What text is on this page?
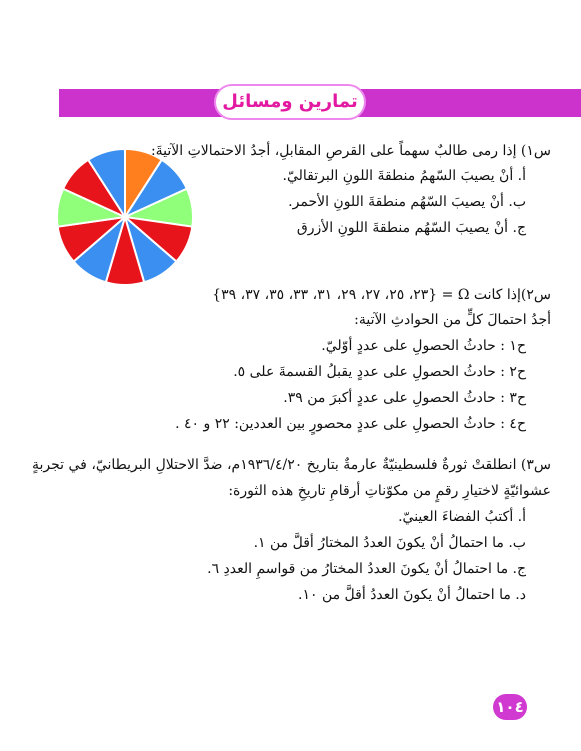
تمارين ومسائل
س١) إذا رمى طالبٌ سهماً على القرصِ المقابلِ، أجدُ الاحتمالاتِ الآتيةَ:
أ. أنْ يصيبَ السّهمُ منطقةَ اللونِ البرتقاليّ.
ب. أنْ يصيبَ السّهُم منطقةَ اللونِ الأحمر.
ج. أنْ يصيبَ السّهُم منطقةَ اللونِ الأزرق
س٢)إذا كانت Ω = {٢٣، ٢٥، ٢٧، ٢٩، ٣١، ٣٣، ٣٥، ٣٧، ٣٩}
أجدُ احتمالَ كلٍّ من الحوادثِ الآتية:
ح١ : حادثُ الحصولِ على عددٍ أوّليّ.
ح٢ : حادثُ الحصولِ على عددٍ يقبلُ القسمةَ على ٥.
ح٣ : حادثُ الحصولِ على عددٍ أكبرَ من ٣٩.
ح٤ : حادثُ الحصولِ على عددٍ محصورٍ بين العددين: ٢٢ و ٤٠ .
س٣) انطلقتْ ثورةٌ فلسطينيّةٌ عارمةٌ بتاريخ ١٩٣٦/٤/٢٠م، ضدَّ الاحتلالِ البريطانيّ، في تجربةٍ
عشوائيّةٍ لاختيارِ رقمٍ من مكوّناتِ أرقامِ تاريخِ هذه الثورة:
أ. أكتبُ الفضاءَ العينيّ.
ب. ما احتمالُ أنْ يكونَ العددُ المختارُ أقلَّ من ١.
ج. ما احتمالُ أنْ يكونَ العددُ المختارُ من قواسمِ العددِ ٦.
د. ما احتمالُ أنْ يكونَ العددُ أقلَّ من ١٠.
١٠٤
